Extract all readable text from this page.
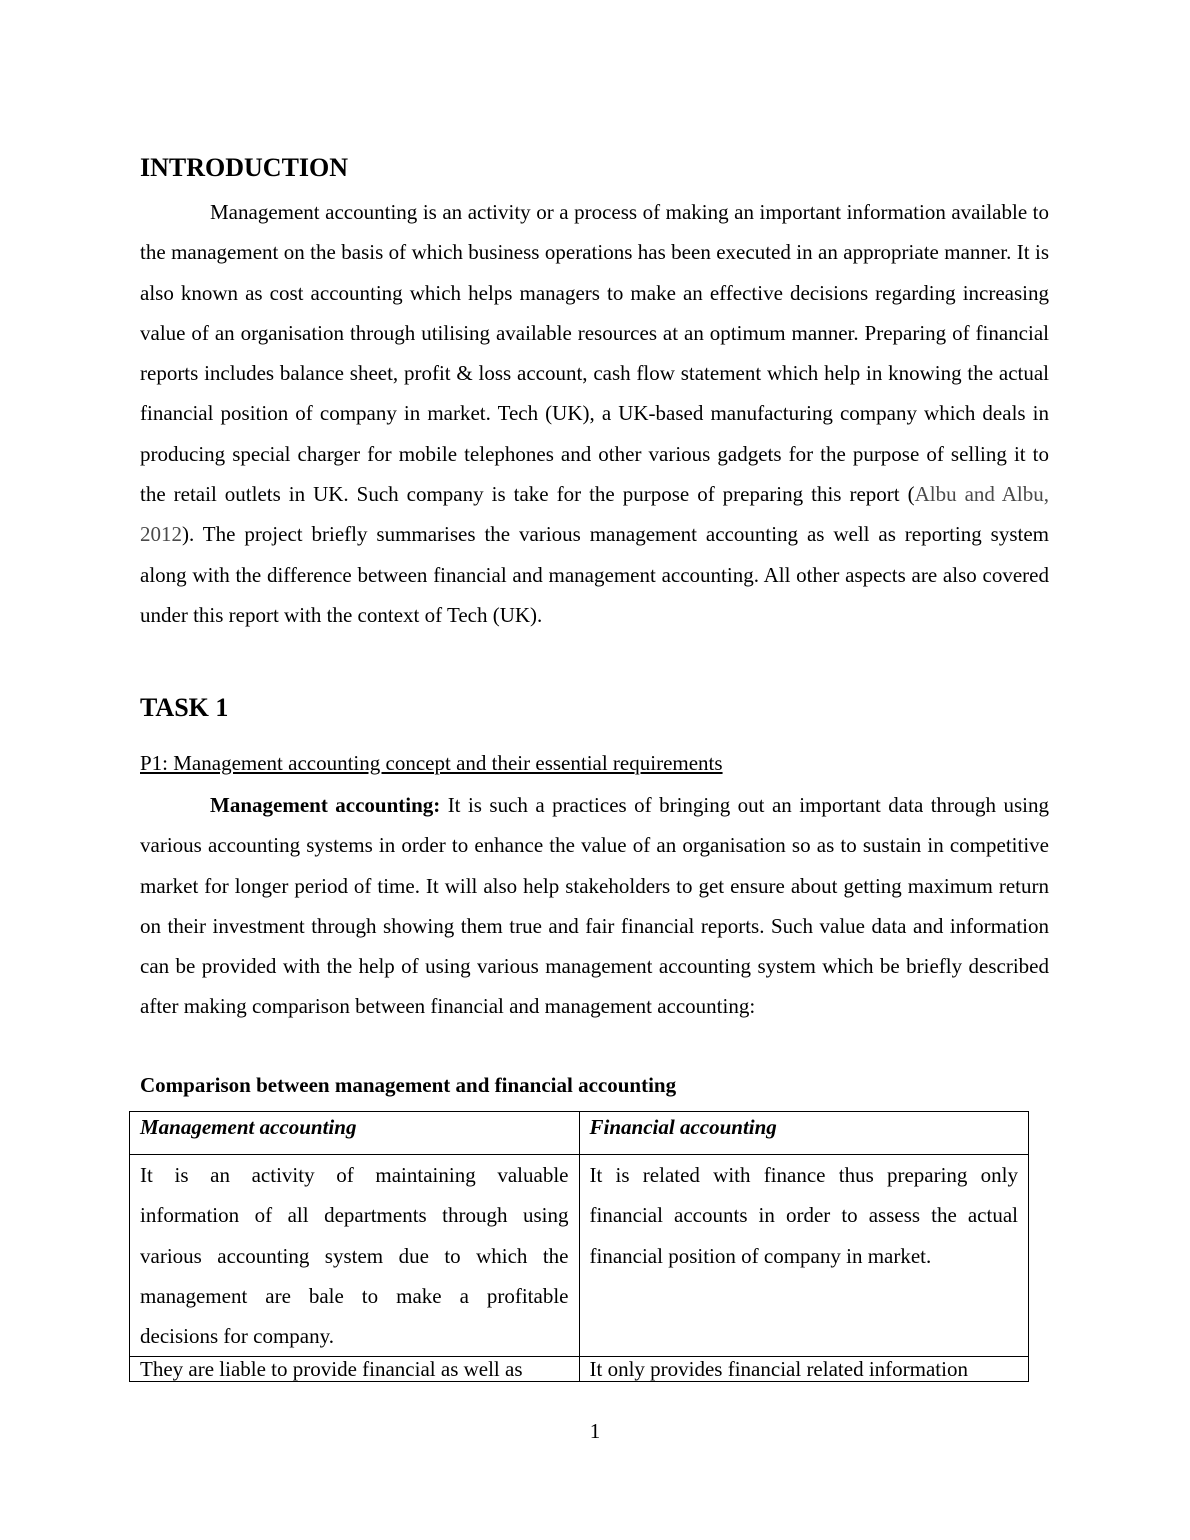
INTRODUCTION

Management accounting is an activity or a process of making an important information available to the management on the basis of which business operations has been executed in an appropriate manner. It is also known as cost accounting which helps managers to make an effective decisions regarding increasing value of an organisation through utilising available resources at an optimum manner. Preparing of financial reports includes balance sheet, profit & loss account, cash flow statement which help in knowing the actual financial position of company in market. Tech (UK), a UK-based manufacturing company which deals in producing special charger for mobile telephones and other various gadgets for the purpose of selling it to the retail outlets in UK. Such company is take for the purpose of preparing this report (Albu and Albu, 2012). The project briefly summarises the various management accounting as well as reporting system along with the difference between financial and management accounting. All other aspects are also covered under this report with the context of Tech (UK).

TASK 1

P1: Management accounting concept and their essential requirements

Management accounting: It is such a practices of bringing out an important data through using various accounting systems in order to enhance the value of an organisation so as to sustain in competitive market for longer period of time. It will also help stakeholders to get ensure about getting maximum return on their investment through showing them true and fair financial reports. Such value data and information can be provided with the help of using various management accounting system which be briefly described after making comparison between financial and management accounting:

Comparison between management and financial accounting

Management accounting	Financial accounting
It is an activity of maintaining valuable information of all departments through using various accounting system due to which the management are bale to make a profitable decisions for company.	It is related with finance thus preparing only financial accounts in order to assess the actual financial position of company in market.
They are liable to provide financial as well as	It only provides financial related information
1
